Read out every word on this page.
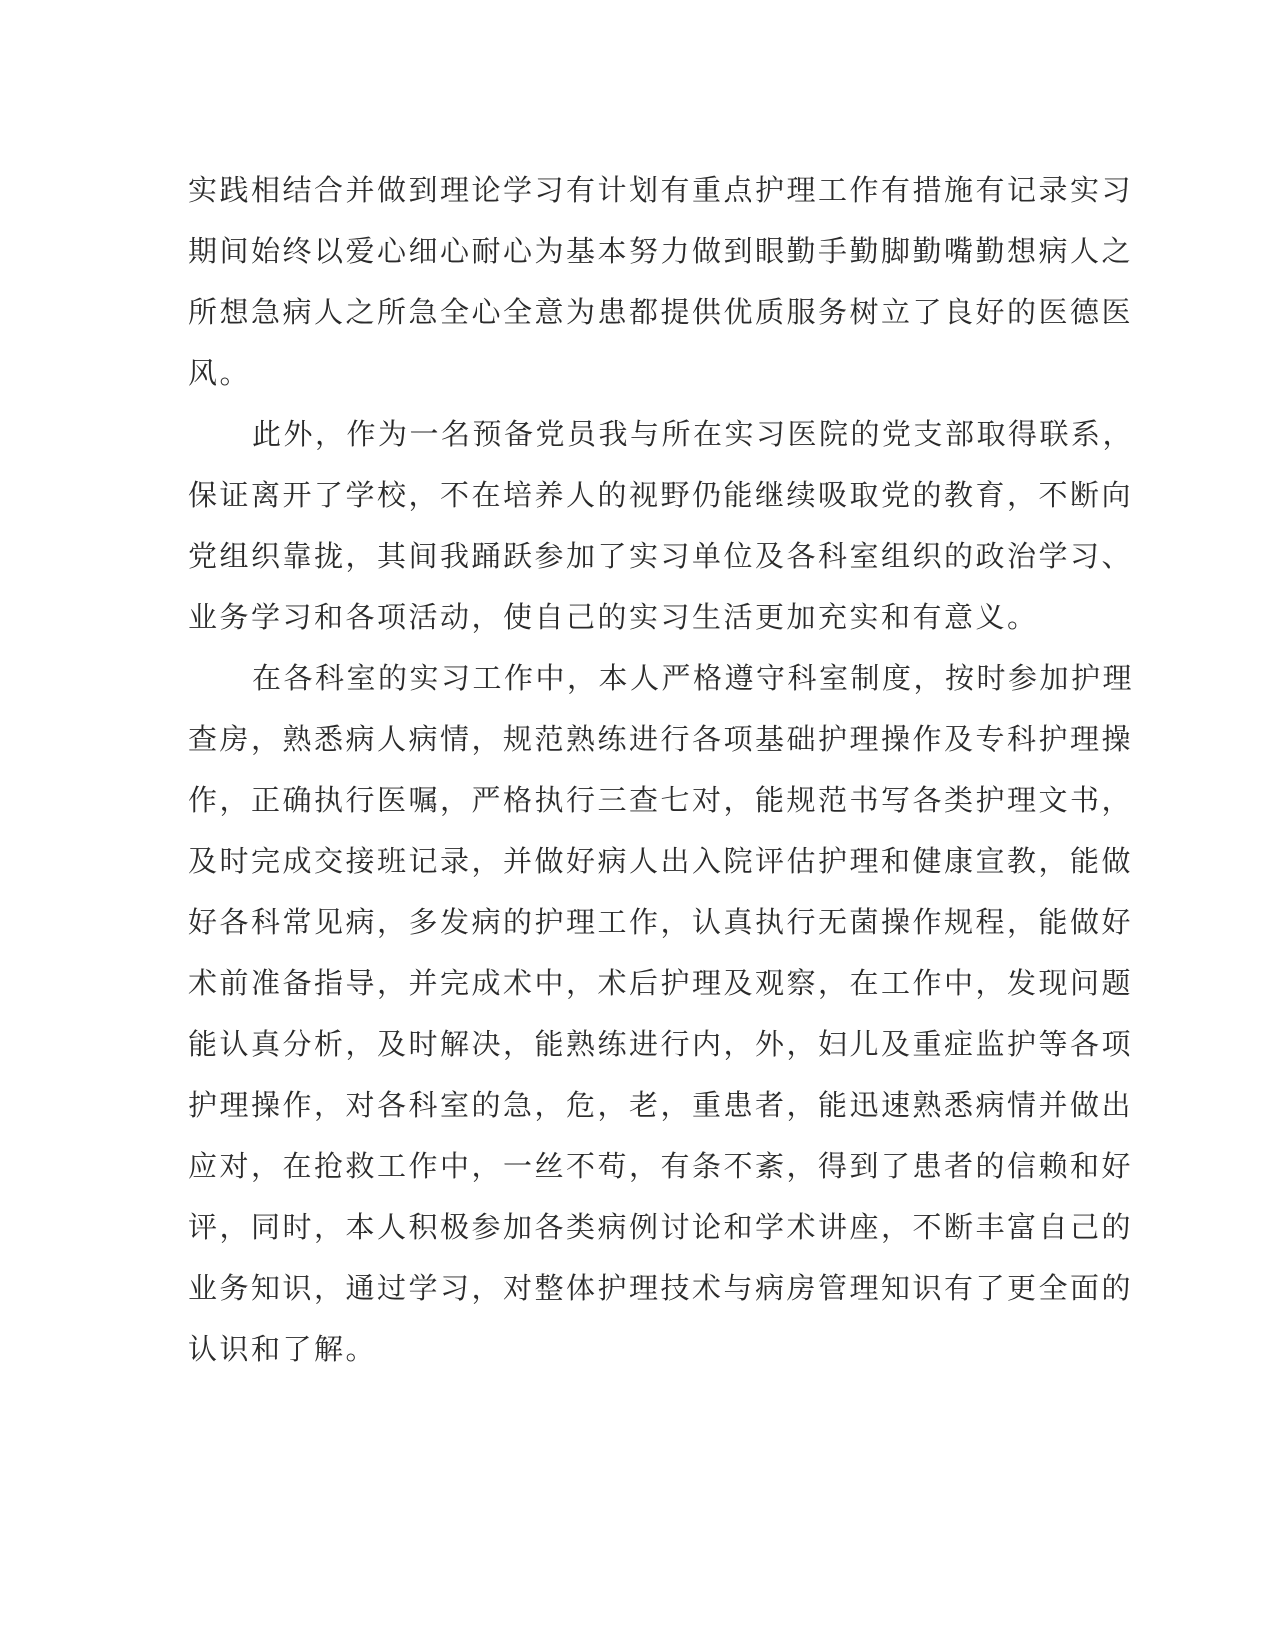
实践相结合并做到理论学习有计划有重点护理工作有措施有记录实习
期间始终以爱心细心耐心为基本努力做到眼勤手勤脚勤嘴勤想病人之
所想急病人之所急全心全意为患都提供优质服务树立了良好的医德医
风。

此外，作为一名预备党员我与所在实习医院的党支部取得联系，
保证离开了学校，不在培养人的视野仍能继续吸取党的教育，不断向
党组织靠拢，其间我踊跃参加了实习单位及各科室组织的政治学习、
业务学习和各项活动，使自己的实习生活更加充实和有意义。

在各科室的实习工作中，本人严格遵守科室制度，按时参加护理
查房，熟悉病人病情，规范熟练进行各项基础护理操作及专科护理操
作，正确执行医嘱，严格执行三查七对，能规范书写各类护理文书，
及时完成交接班记录，并做好病人出入院评估护理和健康宣教，能做
好各科常见病，多发病的护理工作，认真执行无菌操作规程，能做好
术前准备指导，并完成术中，术后护理及观察，在工作中，发现问题
能认真分析，及时解决，能熟练进行内，外，妇儿及重症监护等各项
护理操作，对各科室的急，危，老，重患者，能迅速熟悉病情并做出
应对，在抢救工作中，一丝不苟，有条不紊，得到了患者的信赖和好
评，同时，本人积极参加各类病例讨论和学术讲座，不断丰富自己的
业务知识，通过学习，对整体护理技术与病房管理知识有了更全面的
认识和了解。
